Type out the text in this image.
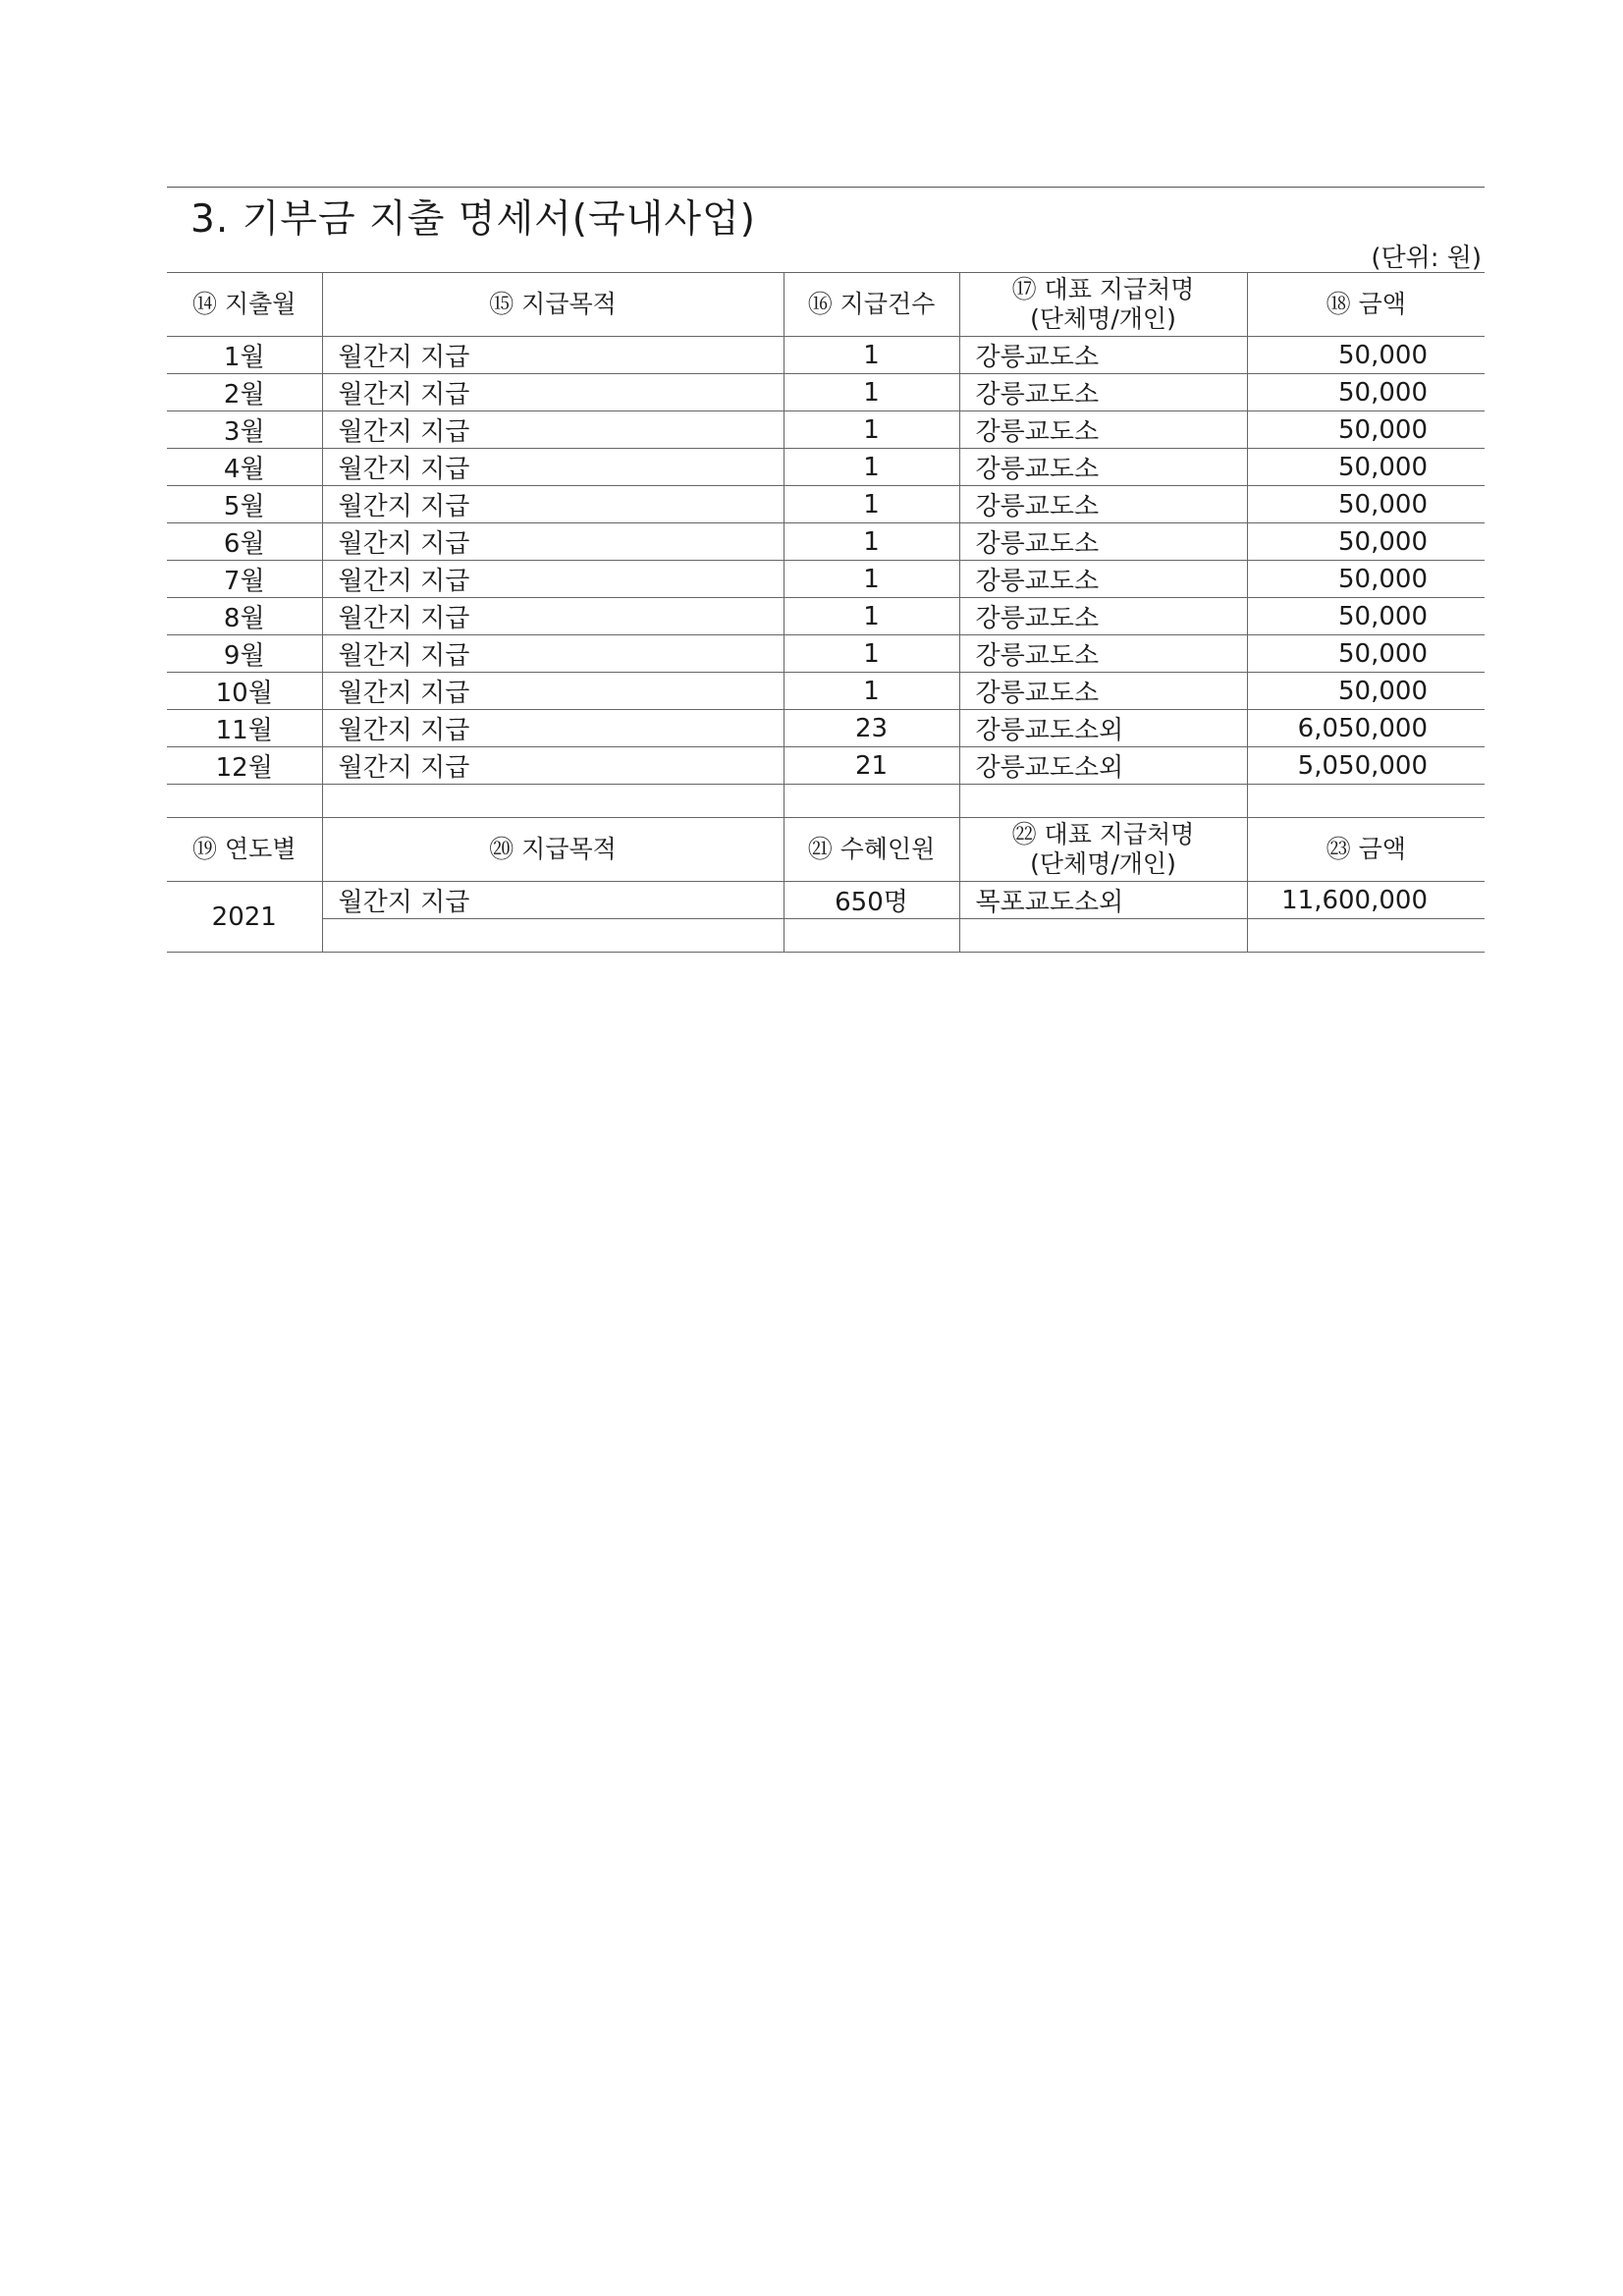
3. 기부금 지출 명세서(국내사업)
(단위: 원)
⑭ 지출월	⑮ 지급목적	⑯ 지급건수	⑰ 대표 지급처명
(단체명/개인)	⑱ 금액
1월	월간지 지급	1	강릉교도소	50,000
2월	월간지 지급	1	강릉교도소	50,000
3월	월간지 지급	1	강릉교도소	50,000
4월	월간지 지급	1	강릉교도소	50,000
5월	월간지 지급	1	강릉교도소	50,000
6월	월간지 지급	1	강릉교도소	50,000
7월	월간지 지급	1	강릉교도소	50,000
8월	월간지 지급	1	강릉교도소	50,000
9월	월간지 지급	1	강릉교도소	50,000
10월	월간지 지급	1	강릉교도소	50,000
11월	월간지 지급	23	강릉교도소외	6,050,000
12월	월간지 지급	21	강릉교도소외	5,050,000

⑲ 연도별	⑳ 지급목적	㉑ 수혜인원	㉒ 대표 지급처명
(단체명/개인)	㉓ 금액
2021	월간지 지급	650명	목포교도소외	11,600,000
